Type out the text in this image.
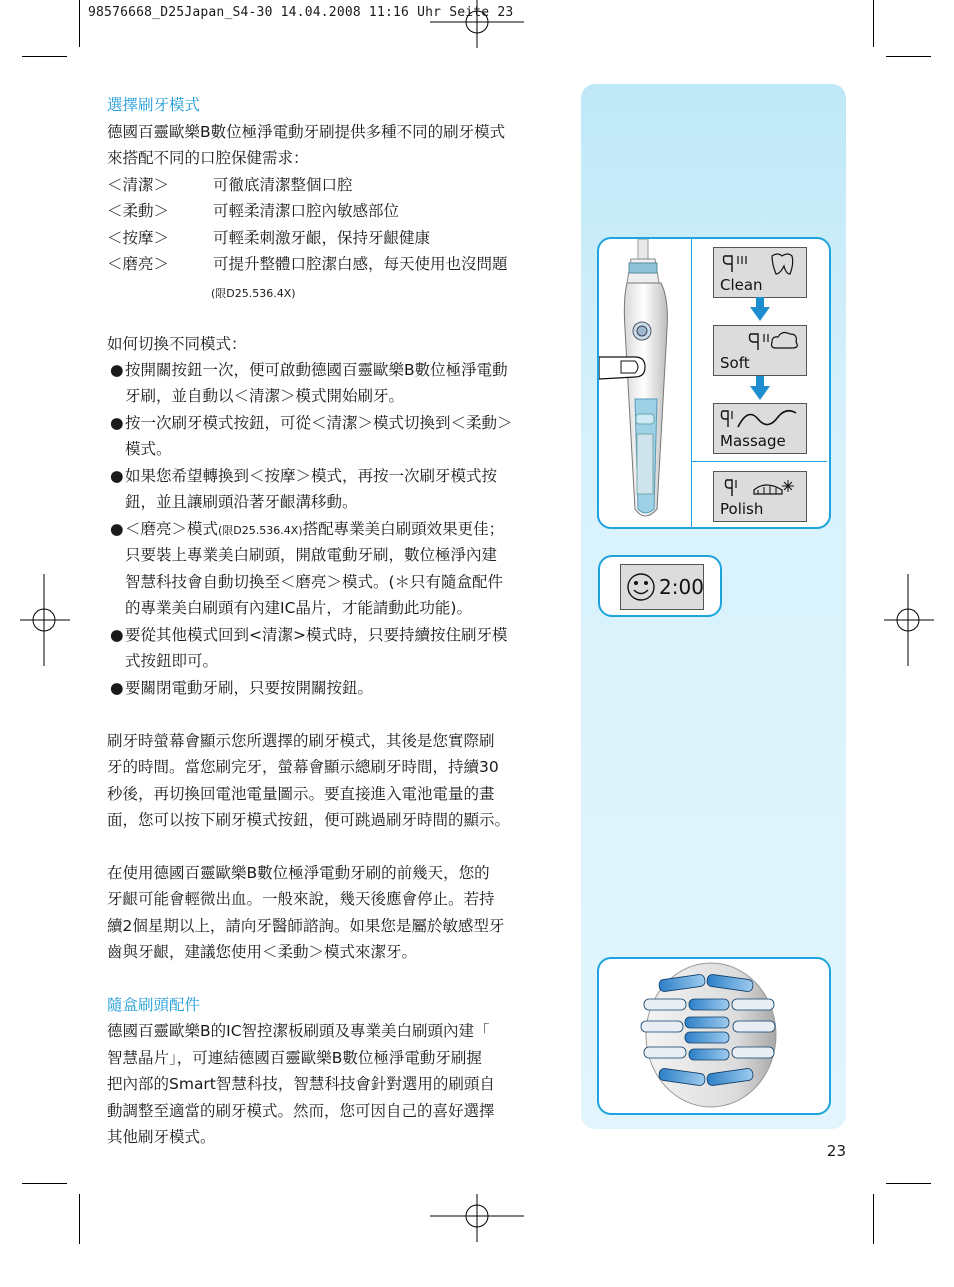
98576668_D25Japan_S4-30 14.04.2008 11:16 Uhr Seite 23
選擇刷牙模式
德國百靈歐樂B數位極淨電動牙刷提供多種不同的刷牙模式
來搭配不同的口腔保健需求：
＜清潔＞	可徹底清潔整個口腔
＜柔動＞	可輕柔清潔口腔內敏感部位
＜按摩＞	可輕柔刺激牙齦，保持牙齦健康
＜磨亮＞	可提升整體口腔潔白感，每天使用也沒問題
(限D25.536.4X)
如何切換不同模式：
● 按開關按鈕一次，便可啟動德國百靈歐樂B數位極淨電動
牙刷，並自動以＜清潔＞模式開始刷牙。
● 按一次刷牙模式按鈕，可從＜清潔＞模式切換到＜柔動＞
模式。
● 如果您希望轉換到＜按摩＞模式，再按一次刷牙模式按
鈕，並且讓刷頭沿著牙齦溝移動。
● ＜磨亮＞模式(限D25.536.4X)搭配專業美白刷頭效果更佳；
只要裝上專業美白刷頭，開啟電動牙刷，數位極淨內建
智慧科技會自動切換至＜磨亮＞模式。(＊只有隨盒配件
的專業美白刷頭有內建IC晶片，才能請動此功能)。
● 要從其他模式回到<清潔>模式時，只要持續按住刷牙模
式按鈕即可。
● 要關閉電動牙刷，只要按開關按鈕。
刷牙時螢幕會顯示您所選擇的刷牙模式，其後是您實際刷
牙的時間。當您刷完牙，螢幕會顯示總刷牙時間，持續30
秒後，再切換回電池電量圖示。要直接進入電池電量的畫
面，您可以按下刷牙模式按鈕，便可跳過刷牙時間的顯示。
在使用德國百靈歐樂B數位極淨電動牙刷的前幾天，您的
牙齦可能會輕微出血。一般來說，幾天後應會停止。若持
續2個星期以上，請向牙醫師諮詢。如果您是屬於敏感型牙
齒與牙齦，建議您使用＜柔動＞模式來潔牙。
隨盒刷頭配件
德國百靈歐樂B的IC智控潔板刷頭及專業美白刷頭內建「
智慧晶片」，可連結德國百靈歐樂B數位極淨電動牙刷握
把內部的Smart智慧科技，智慧科技會針對選用的刷頭自
動調整至適當的刷牙模式。然而，您可因自己的喜好選擇
其他刷牙模式。
Clean
Soft
Massage
Polish
2:00
23
